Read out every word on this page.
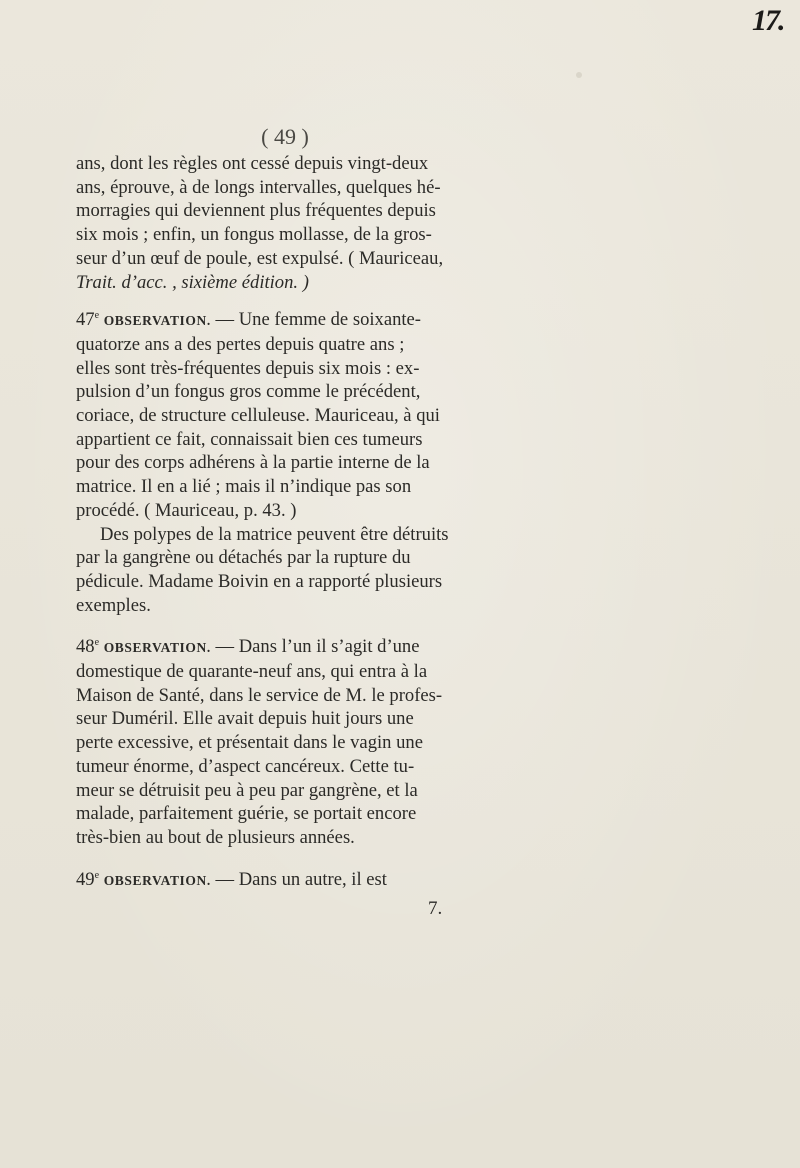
17.
( 49 )

ans, dont les règles ont cessé depuis vingt-deux
ans, éprouve, à de longs intervalles, quelques hé-
morragies qui deviennent plus fréquentes depuis
six mois ; enfin, un fongus mollasse, de la gros-
seur d’un œuf de poule, est expulsé. ( Mauriceau,
Trait. d’acc. , sixième édition. )

47e OBSERVATION. — Une femme de soixante-
quatorze ans a des pertes depuis quatre ans ;
elles sont très-fréquentes depuis six mois : ex-
pulsion d’un fongus gros comme le précédent,
coriace, de structure celluleuse. Mauriceau, à qui
appartient ce fait, connaissait bien ces tumeurs
pour des corps adhérens à la partie interne de la
matrice. Il en a lié ; mais il n’indique pas son
procédé. ( Mauriceau, p. 43. )

Des polypes de la matrice peuvent être détruits
par la gangrène ou détachés par la rupture du
pédicule. Madame Boivin en a rapporté plusieurs
exemples.

48e OBSERVATION. — Dans l’un il s’agit d’une
domestique de quarante-neuf ans, qui entra à la
Maison de Santé, dans le service de M. le profes-
seur Duméril. Elle avait depuis huit jours une
perte excessive, et présentait dans le vagin une
tumeur énorme, d’aspect cancéreux. Cette tu-
meur se détruisit peu à peu par gangrène, et la
malade, parfaitement guérie, se portait encore
très-bien au bout de plusieurs années.

49e OBSERVATION. — Dans un autre, il est

7.
